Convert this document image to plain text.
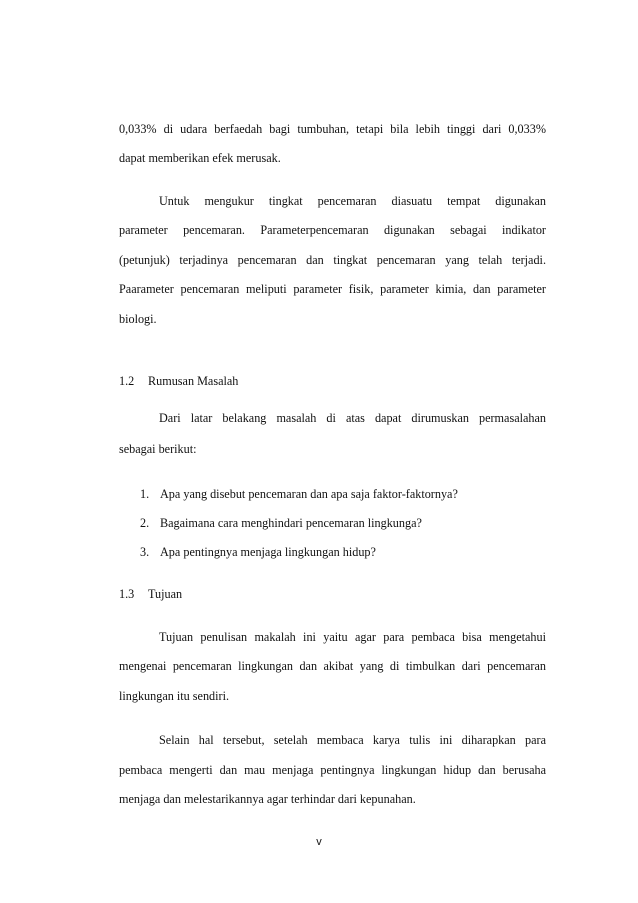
0,033% di udara berfaedah bagi tumbuhan, tetapi bila lebih tinggi dari 0,033%
dapat memberikan efek merusak.
Untuk mengukur tingkat pencemaran diasuatu tempat digunakan
parameter pencemaran. Parameterpencemaran digunakan sebagai indikator
(petunjuk) terjadinya pencemaran dan tingkat pencemaran yang telah terjadi.
Paarameter pencemaran meliputi parameter fisik, parameter kimia, dan parameter
biologi.
1.2 Rumusan Masalah
Dari latar belakang masalah di atas dapat dirumuskan permasalahan
sebagai berikut:
1. Apa yang disebut pencemaran dan apa saja faktor-faktornya?
2. Bagaimana cara menghindari pencemaran lingkunga?
3. Apa pentingnya menjaga lingkungan hidup?
1.3 Tujuan
Tujuan penulisan makalah ini yaitu agar para pembaca bisa mengetahui
mengenai pencemaran lingkungan dan akibat yang di timbulkan dari pencemaran
lingkungan itu sendiri.
Selain hal tersebut, setelah membaca karya tulis ini diharapkan para
pembaca mengerti dan mau menjaga pentingnya lingkungan hidup dan berusaha
menjaga dan melestarikannya agar terhindar dari kepunahan.
v
